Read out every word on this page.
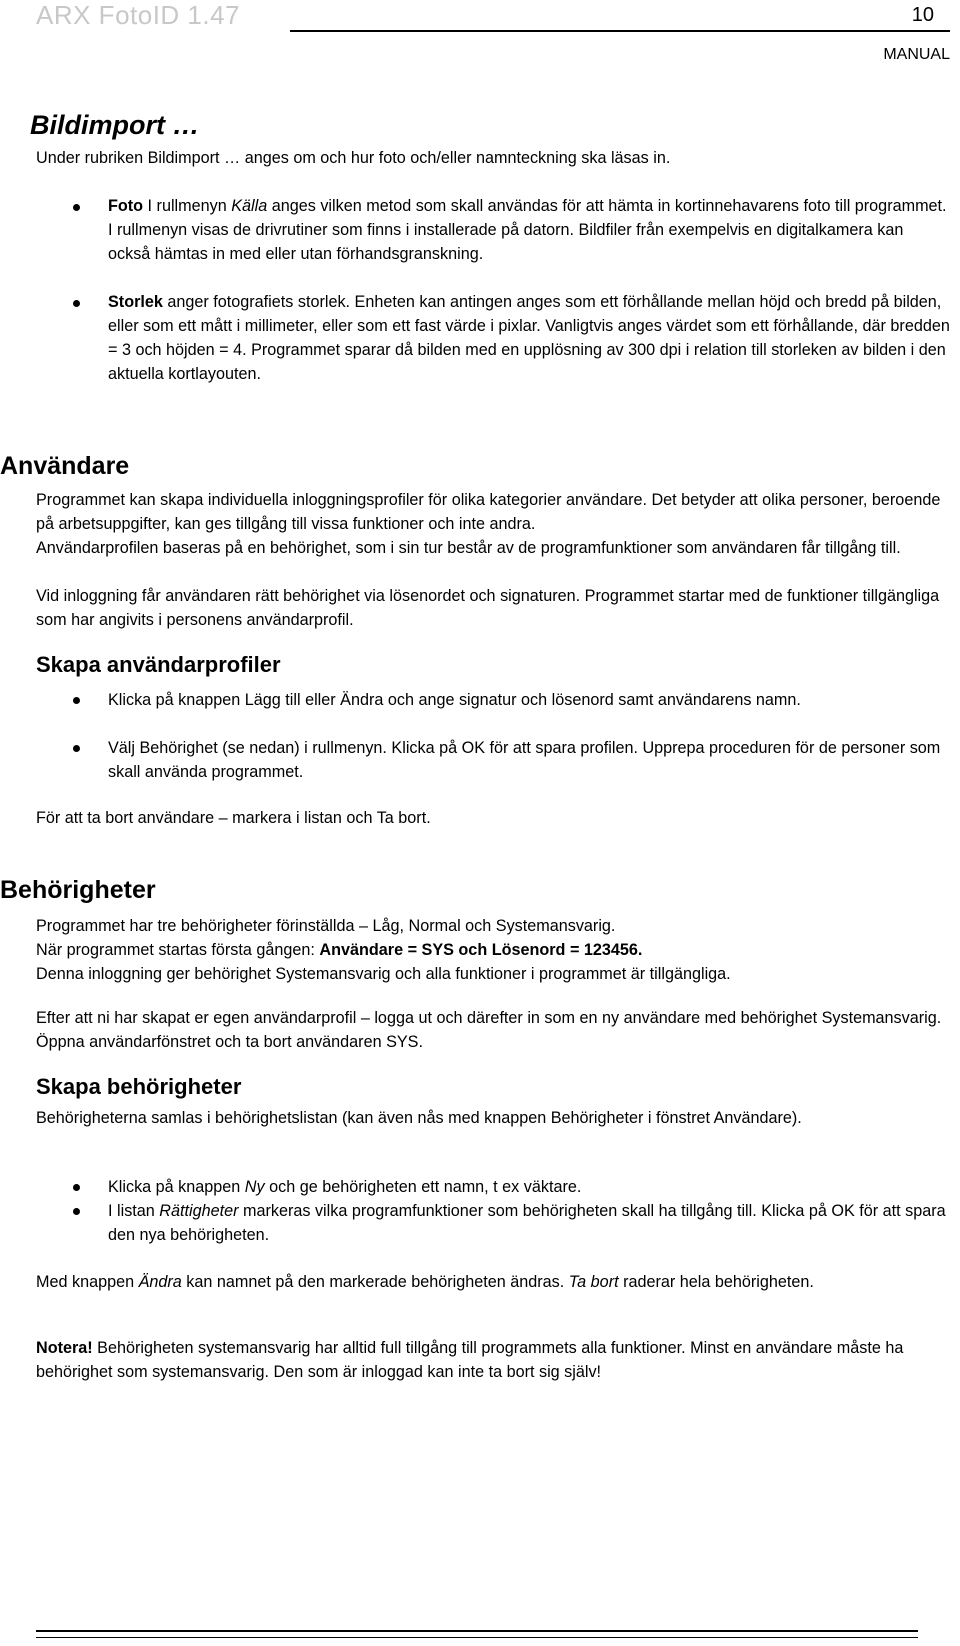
ARX FotoID 1.47	10
MANUAL
Bildimport …
Under rubriken Bildimport … anges om och hur foto och/eller namnteckning ska läsas in.
Foto I rullmenyn Källa anges vilken metod som skall användas för att hämta in kortinnehavarens foto till programmet. I rullmenyn visas de drivrutiner som finns i installerade på datorn. Bildfiler från exempelvis en digitalkamera kan också hämtas in med eller utan förhandsgranskning.
Storlek anger fotografiets storlek. Enheten kan antingen anges som ett förhållande mellan höjd och bredd på bilden, eller som ett mått i millimeter, eller som ett fast värde i pixlar. Vanligtvis anges värdet som ett förhållande, där bredden = 3 och höjden = 4. Programmet sparar då bilden med en upplösning av 300 dpi i relation till storleken av bilden i den aktuella kortlayouten.
Användare
Programmet kan skapa individuella inloggningsprofiler för olika kategorier användare. Det betyder att olika personer, beroende på arbetsuppgifter, kan ges tillgång till vissa funktioner och inte andra.
Användarprofilen baseras på en behörighet, som i sin tur består av de programfunktioner som användaren får tillgång till.
Vid inloggning får användaren rätt behörighet via lösenordet och signaturen. Programmet startar med de funktioner tillgängliga som har angivits i personens användarprofil.
Skapa användarprofiler
Klicka på knappen Lägg till eller Ändra och ange signatur och lösenord samt användarens namn.
Välj Behörighet (se nedan) i rullmenyn. Klicka på OK för att spara profilen. Upprepa proceduren för de personer som skall använda programmet.
För att ta bort användare – markera i listan och Ta bort.
Behörigheter
Programmet har tre behörigheter förinställda – Låg, Normal och Systemansvarig.
När programmet startas första gången: Användare = SYS och Lösenord = 123456.
Denna inloggning ger behörighet Systemansvarig och alla funktioner i programmet är tillgängliga.
Efter att ni har skapat er egen användarprofil – logga ut och därefter in som en ny användare med behörighet Systemansvarig. Öppna användarfönstret och ta bort användaren SYS.
Skapa behörigheter
Behörigheterna samlas i behörighetslistan (kan även nås med knappen Behörigheter i fönstret Användare).
Klicka på knappen Ny och ge behörigheten ett namn, t ex väktare.
I listan Rättigheter markeras vilka programfunktioner som behörigheten skall ha tillgång till. Klicka på OK för att spara den nya behörigheten.
Med knappen Ändra kan namnet på den markerade behörigheten ändras. Ta bort raderar hela behörigheten.
Notera! Behörigheten systemansvarig har alltid full tillgång till programmets alla funktioner. Minst en användare måste ha behörighet som systemansvarig. Den som är inloggad kan inte ta bort sig själv!
